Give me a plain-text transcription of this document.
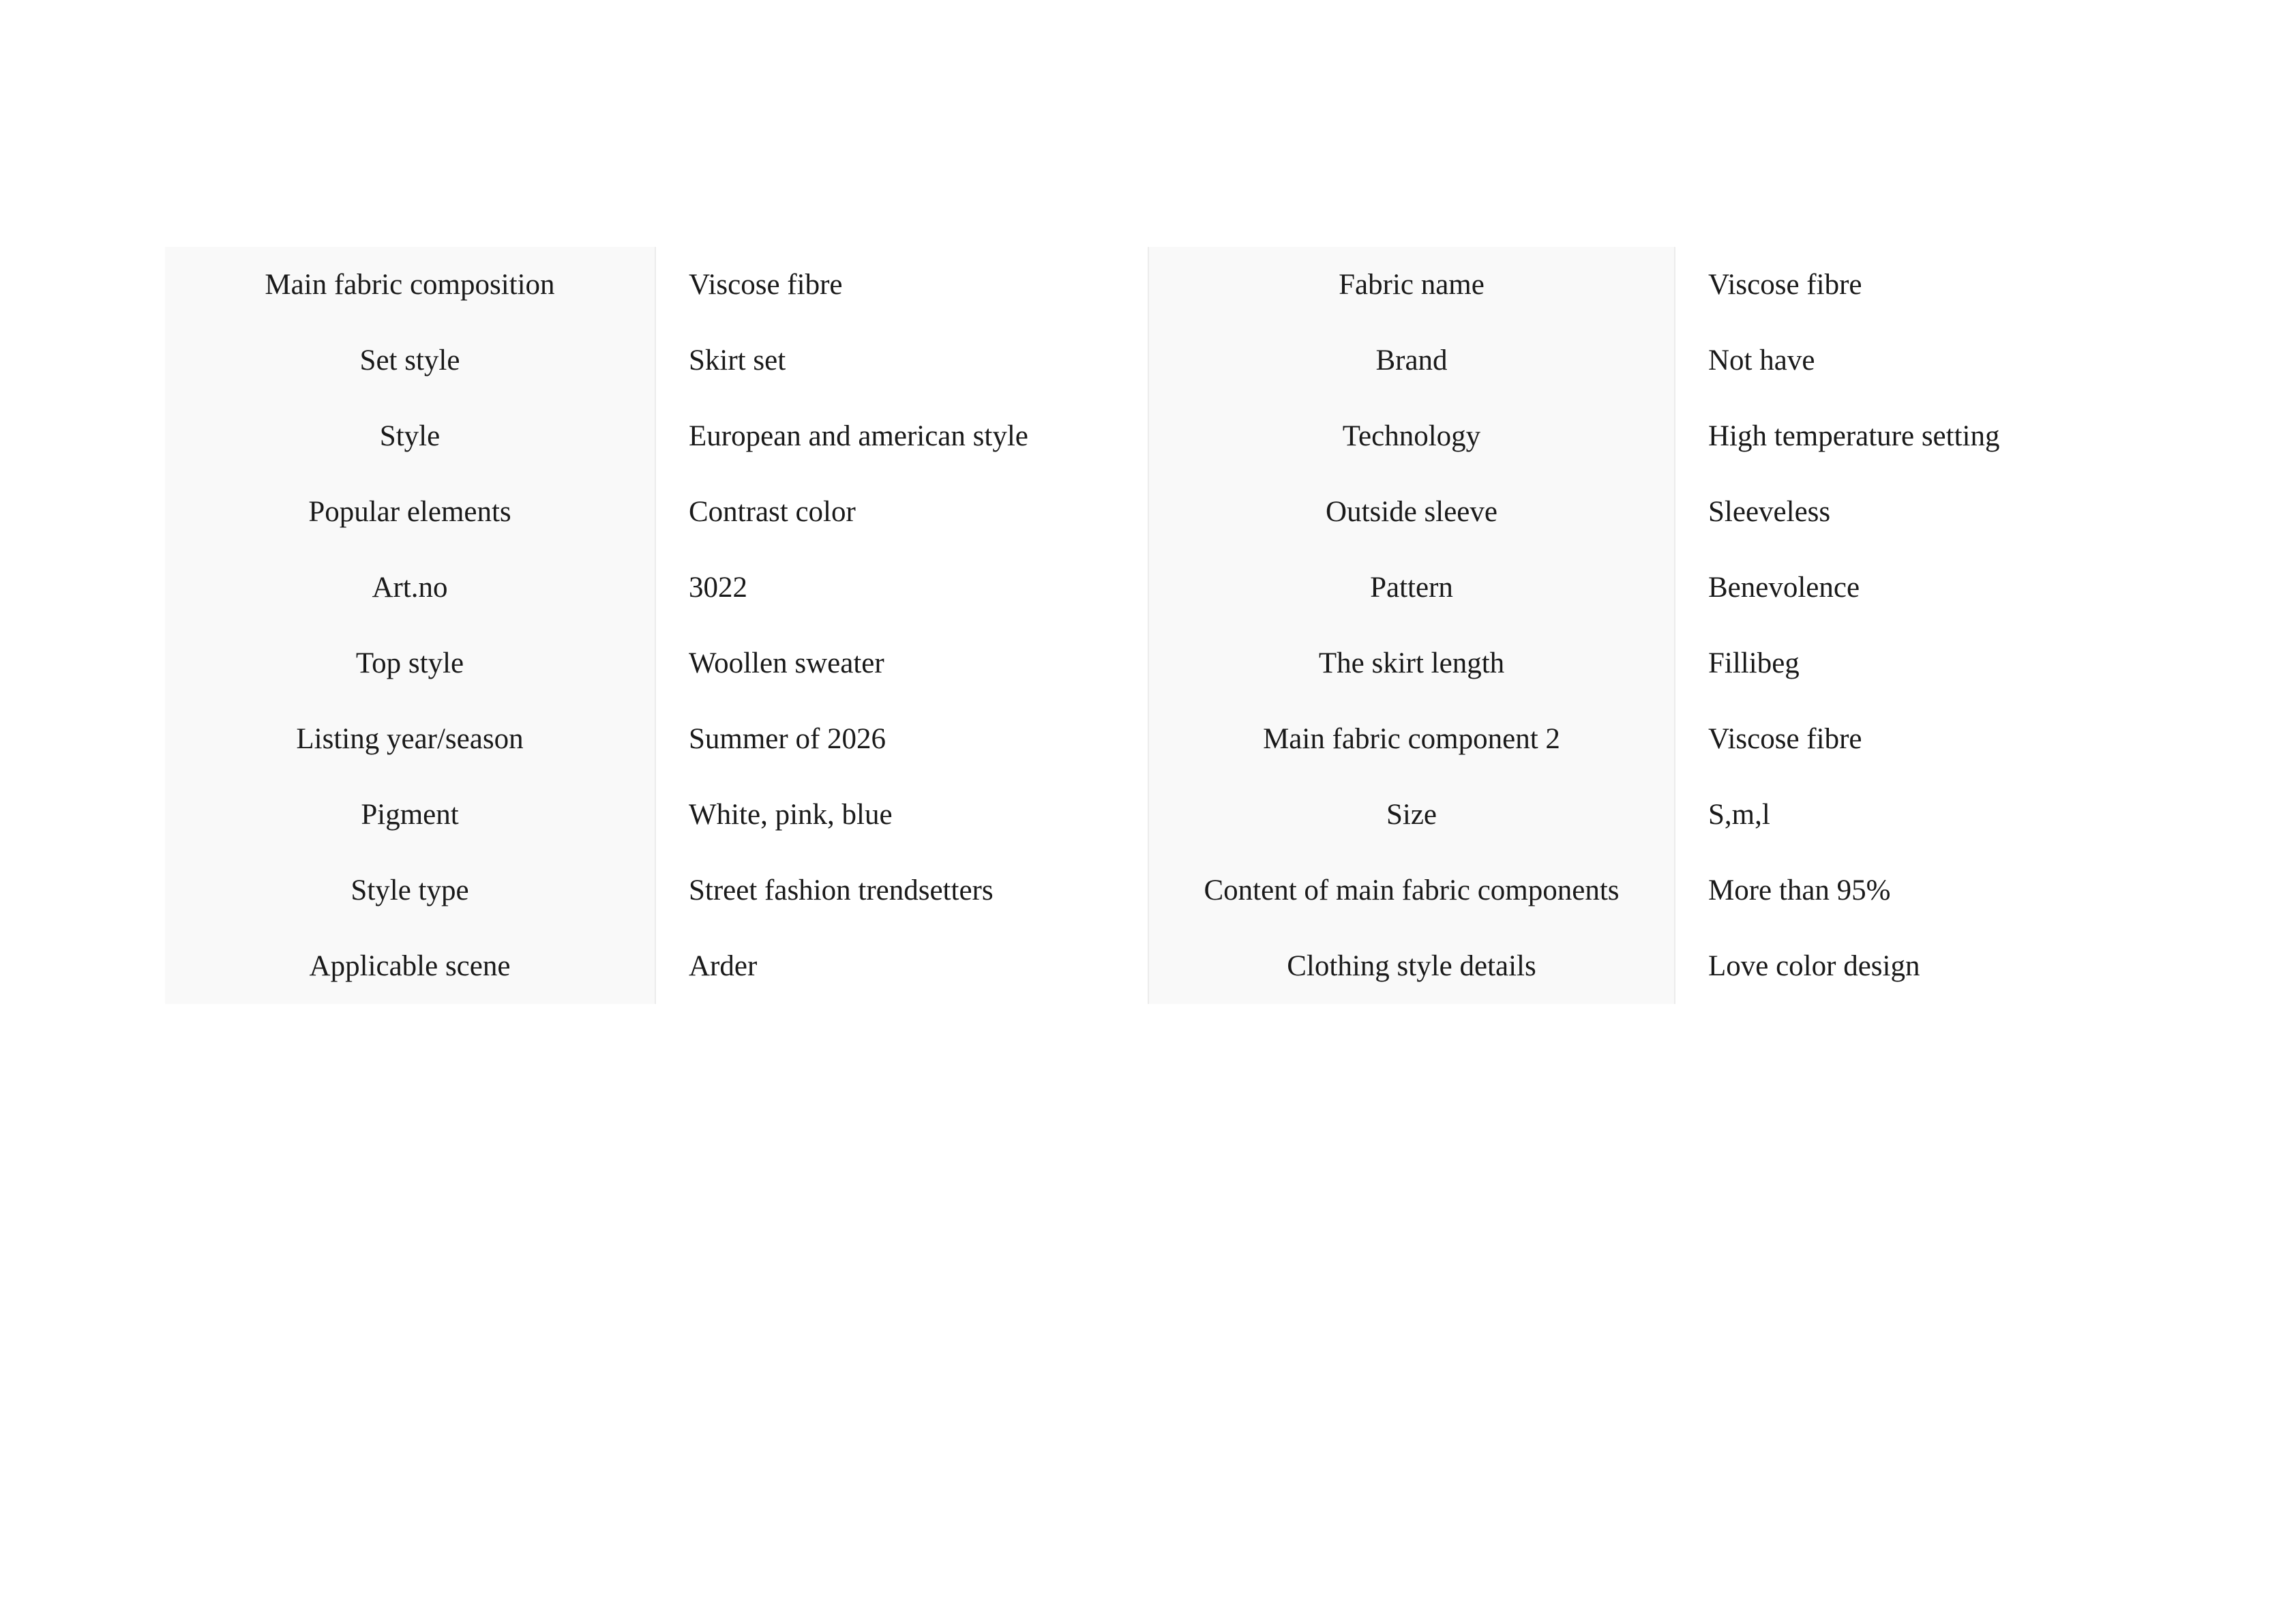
Main fabric composition	Viscose fibre	Fabric name	Viscose fibre
Set style	Skirt set	Brand	Not have
Style	European and american style	Technology	High temperature setting
Popular elements	Contrast color	Outside sleeve	Sleeveless
Art.no	3022	Pattern	Benevolence
Top style	Woollen sweater	The skirt length	Fillibeg
Listing year/season	Summer of 2026	Main fabric component 2	Viscose fibre
Pigment	White, pink, blue	Size	S,m,l
Style type	Street fashion trendsetters	Content of main fabric components	More than 95%
Applicable scene	Arder	Clothing style details	Love color design
